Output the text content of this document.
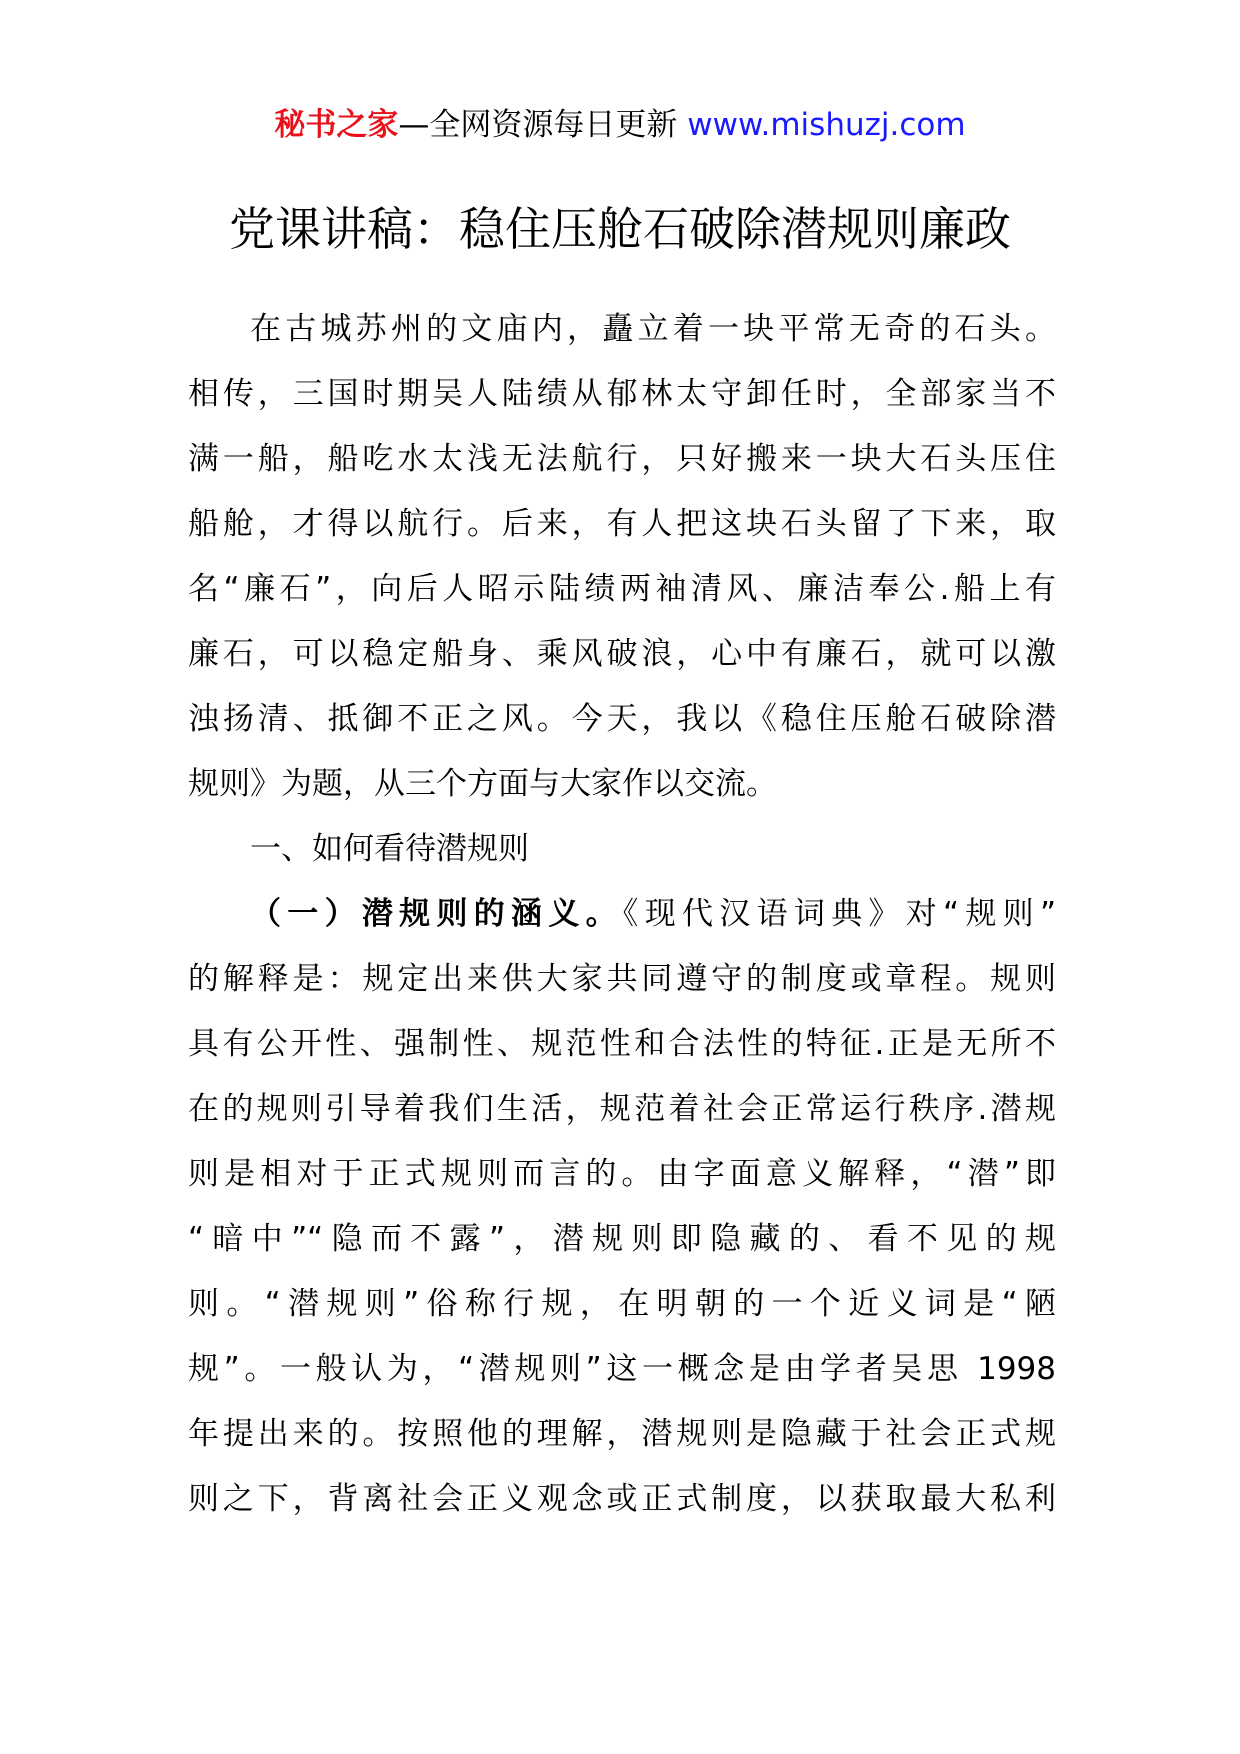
秘书之家—全网资源每日更新 www.mishuzj.com
党课讲稿：稳住压舱石破除潜规则廉政
在古城苏州的文庙内，矗立着一块平常无奇的石头。
相传，三国时期吴人陆绩从郁林太守卸任时，全部家当不
满一船，船吃水太浅无法航行，只好搬来一块大石头压住
船舱，才得以航行。后来，有人把这块石头留了下来，取
名“廉石”，向后人昭示陆绩两袖清风、廉洁奉公.船上有
廉石，可以稳定船身、乘风破浪，心中有廉石，就可以激
浊扬清、抵御不正之风。今天，我以《稳住压舱石破除潜
规则》为题，从三个方面与大家作以交流。
一、如何看待潜规则
（一）潜规则的涵义。《现代汉语词典》对“规则”
的解释是：规定出来供大家共同遵守的制度或章程。规则
具有公开性、强制性、规范性和合法性的特征.正是无所不
在的规则引导着我们生活，规范着社会正常运行秩序.潜规
则是相对于正式规则而言的。由字面意义解释，“潜”即
“暗中”“隐而不露”，潜规则即隐藏的、看不见的规
则。“潜规则”俗称行规，在明朝的一个近义词是“陋
规”。一般认为，“潜规则”这一概念是由学者吴思 1998
年提出来的。按照他的理解，潜规则是隐藏于社会正式规
则之下，背离社会正义观念或正式制度，以获取最大私利
